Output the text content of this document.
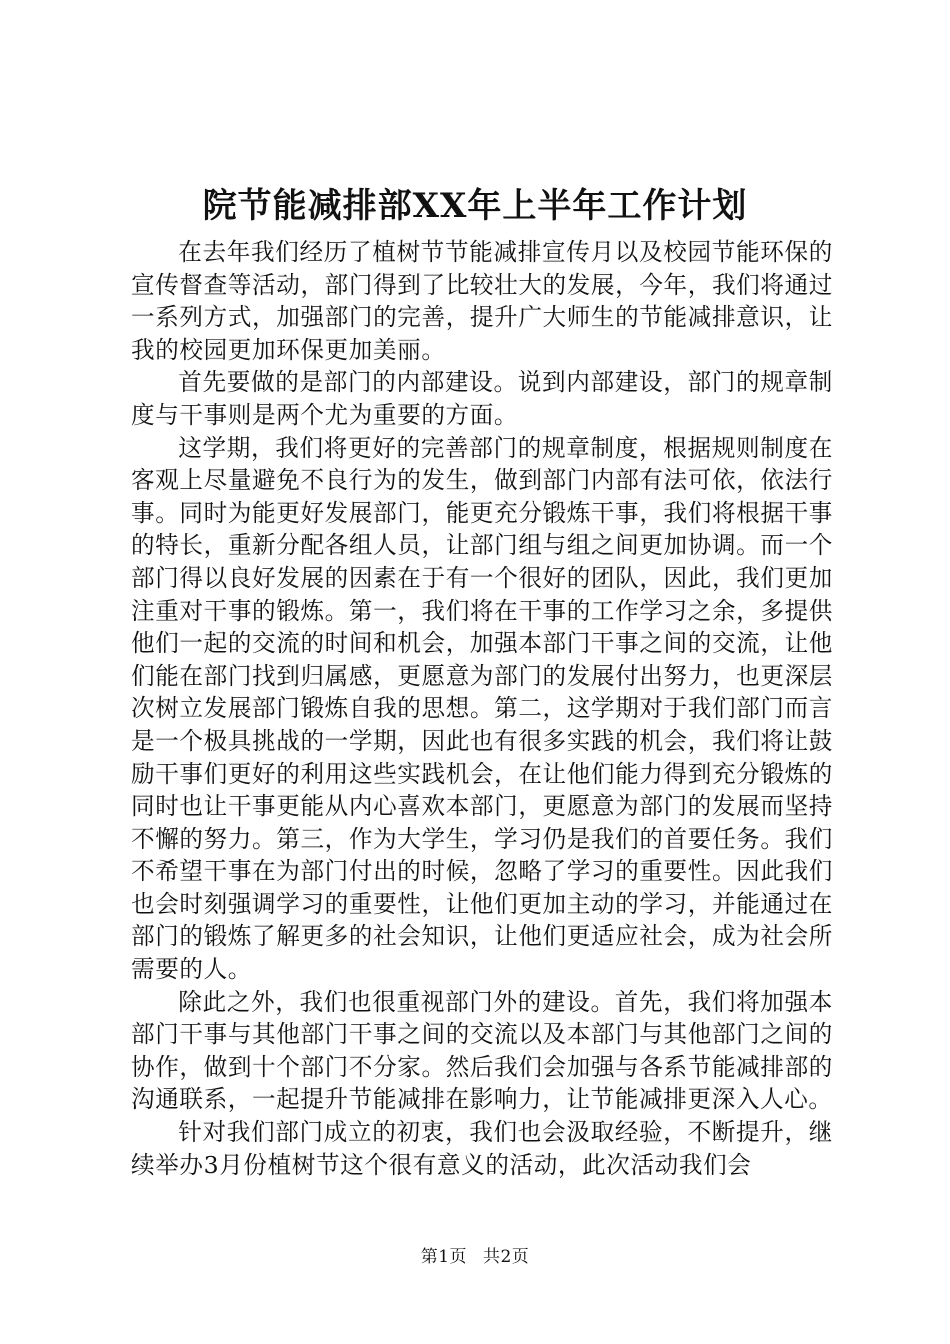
院节能减排部XX年上半年工作计划

在去年我们经历了植树节节能减排宣传月以及校园节能环保的宣传督查等活动，部门得到了比较壮大的发展，今年，我们将通过一系列方式，加强部门的完善，提升广大师生的节能减排意识，让我的校园更加环保更加美丽。

首先要做的是部门的内部建设。说到内部建设，部门的规章制度与干事则是两个尤为重要的方面。

这学期，我们将更好的完善部门的规章制度，根据规则制度在客观上尽量避免不良行为的发生，做到部门内部有法可依，依法行事。同时为能更好发展部门，能更充分锻炼干事，我们将根据干事的特长，重新分配各组人员，让部门组与组之间更加协调。而一个部门得以良好发展的因素在于有一个很好的团队，因此，我们更加注重对干事的锻炼。第一，我们将在干事的工作学习之余，多提供他们一起的交流的时间和机会，加强本部门干事之间的交流，让他们能在部门找到归属感，更愿意为部门的发展付出努力，也更深层次树立发展部门锻炼自我的思想。第二，这学期对于我们部门而言是一个极具挑战的一学期，因此也有很多实践的机会，我们将让鼓励干事们更好的利用这些实践机会，在让他们能力得到充分锻炼的同时也让干事更能从内心喜欢本部门，更愿意为部门的发展而坚持不懈的努力。第三，作为大学生，学习仍是我们的首要任务。我们不希望干事在为部门付出的时候，忽略了学习的重要性。因此我们也会时刻强调学习的重要性，让他们更加主动的学习，并能通过在部门的锻炼了解更多的社会知识，让他们更适应社会，成为社会所需要的人。

除此之外，我们也很重视部门外的建设。首先，我们将加强本部门干事与其他部门干事之间的交流以及本部门与其他部门之间的协作，做到十个部门不分家。然后我们会加强与各系节能减排部的沟通联系，一起提升节能减排在影响力，让节能减排更深入人心。

针对我们部门成立的初衷，我们也会汲取经验，不断提升，继续举办3月份植树节这个很有意义的活动，此次活动我们会

第1页 共2页
